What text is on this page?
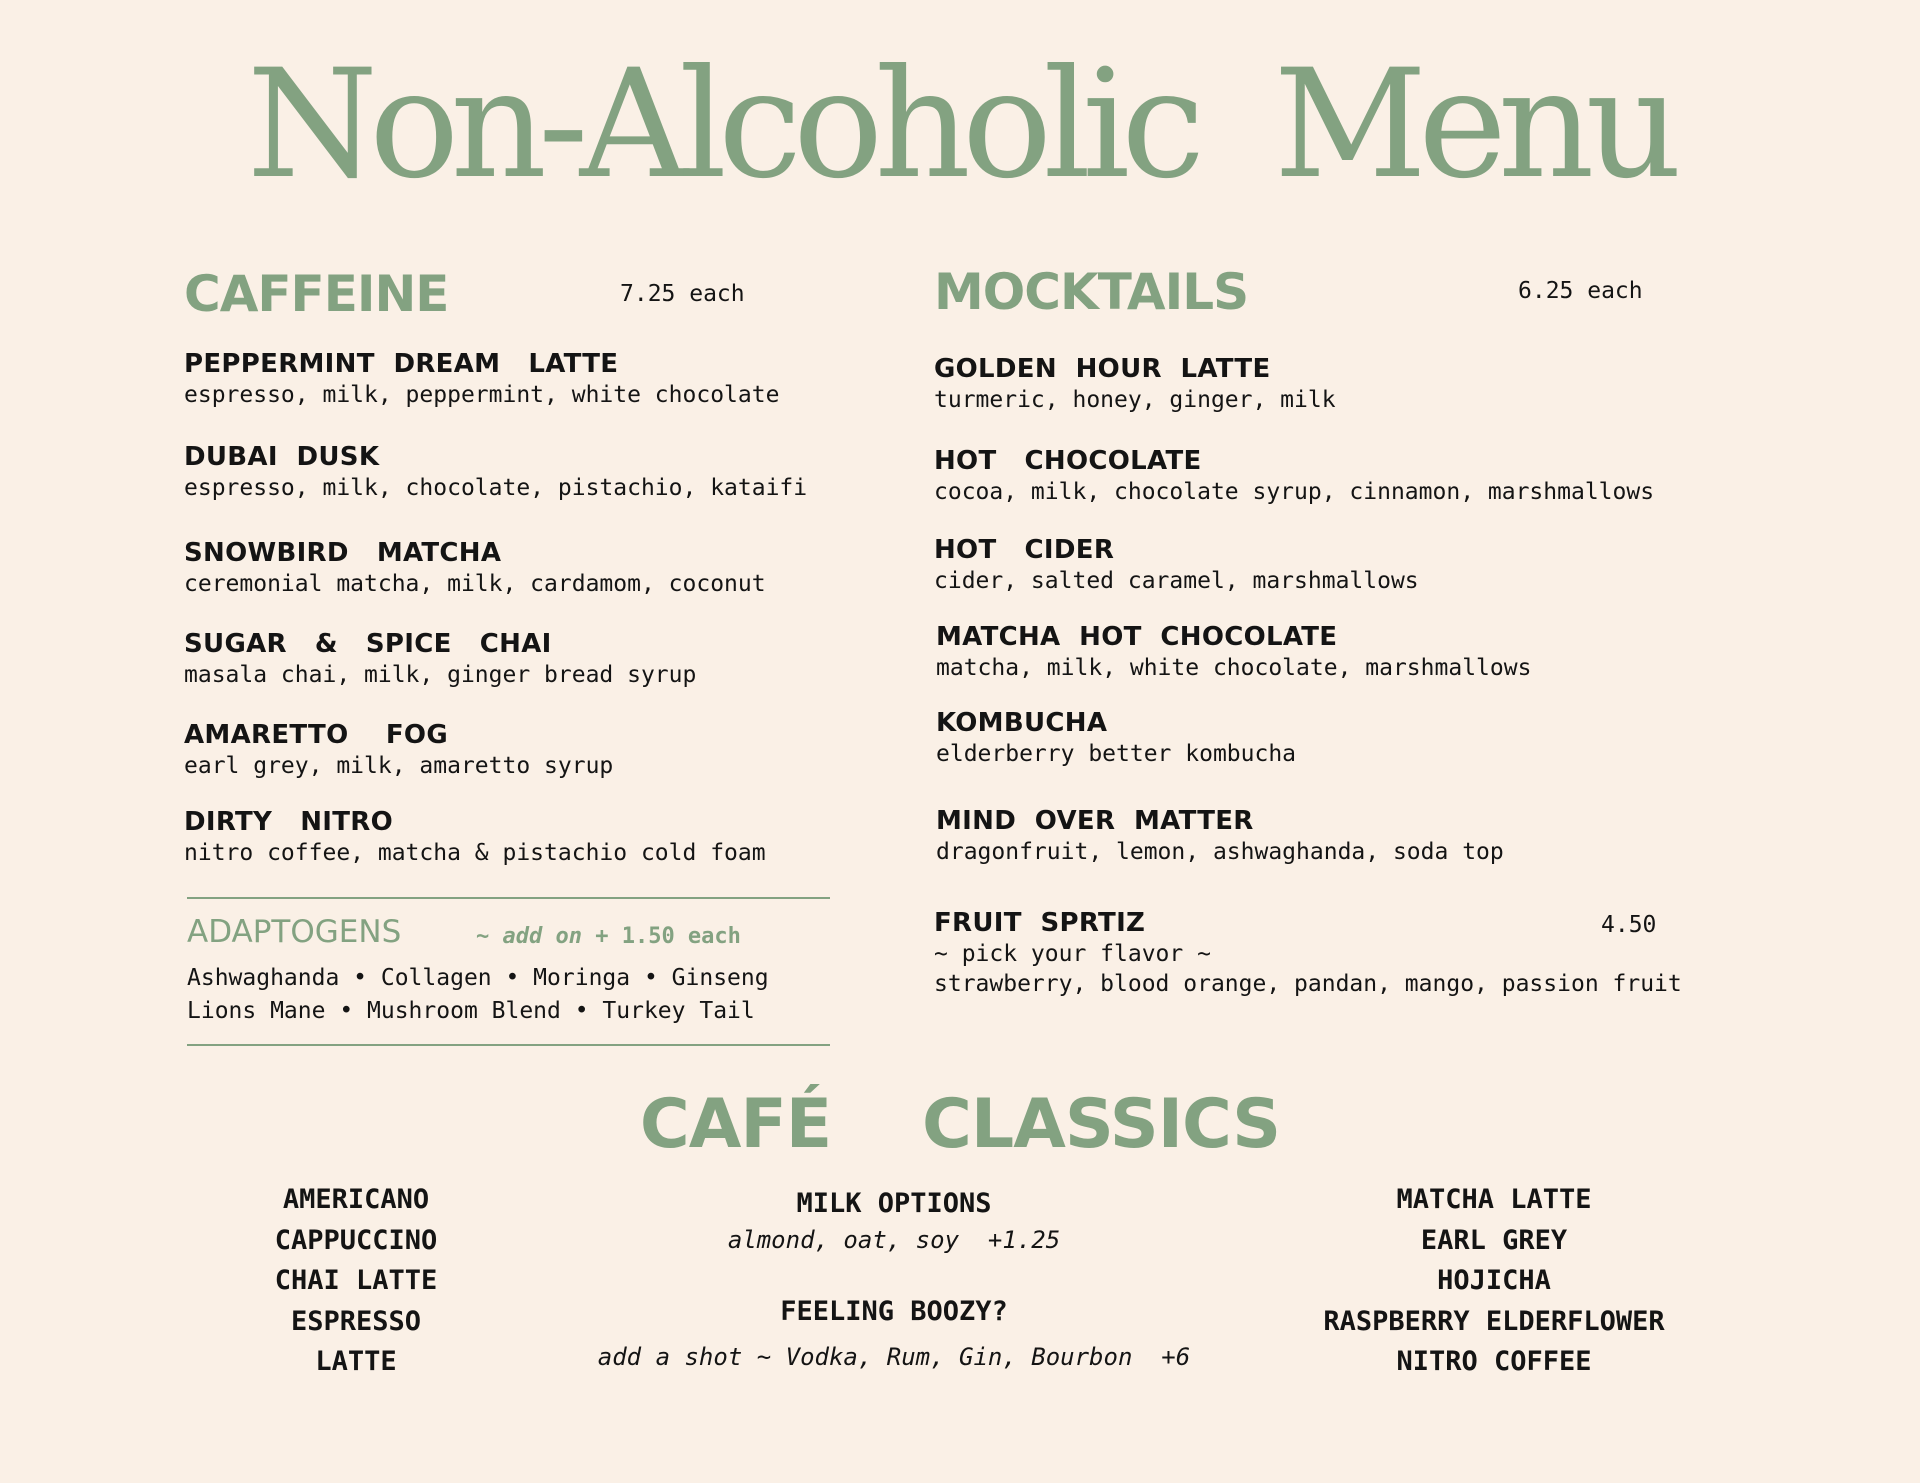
Non-Alcoholic  Menu
CAFFEINE	7.25 each
PEPPERMINT  DREAM   LATTE
espresso, milk, peppermint, white chocolate
DUBAI  DUSK
espresso, milk, chocolate, pistachio, kataifi
SNOWBIRD   MATCHA
ceremonial matcha, milk, cardamom, coconut
SUGAR   &   SPICE   CHAI
masala chai, milk, ginger bread syrup
AMARETTO    FOG
earl grey, milk, amaretto syrup
DIRTY   NITRO
nitro coffee, matcha & pistachio cold foam
ADAPTOGENS	~ add on + 1.50 each
Ashwaghanda • Collagen • Moringa • Ginseng
Lions Mane • Mushroom Blend • Turkey Tail
MOCKTAILS	6.25 each
GOLDEN  HOUR  LATTE
turmeric, honey, ginger, milk
HOT   CHOCOLATE
cocoa, milk, chocolate syrup, cinnamon, marshmallows
HOT   CIDER
cider, salted caramel, marshmallows
MATCHA  HOT  CHOCOLATE
matcha, milk, white chocolate, marshmallows
KOMBUCHA
elderberry better kombucha
MIND  OVER  MATTER
dragonfruit, lemon, ashwaghanda, soda top
FRUIT  SPRTIZ
~ pick your flavor ~
strawberry, blood orange, pandan, mango, passion fruit
4.50
CAFÉ    CLASSICS
AMERICANO
CAPPUCCINO
CHAI LATTE
ESPRESSO
LATTE
MILK OPTIONS
almond, oat, soy  +1.25
FEELING BOOZY?
add a shot ~ Vodka, Rum, Gin, Bourbon  +6
MATCHA LATTE
EARL GREY
HOJICHA
RASPBERRY ELDERFLOWER
NITRO COFFEE
